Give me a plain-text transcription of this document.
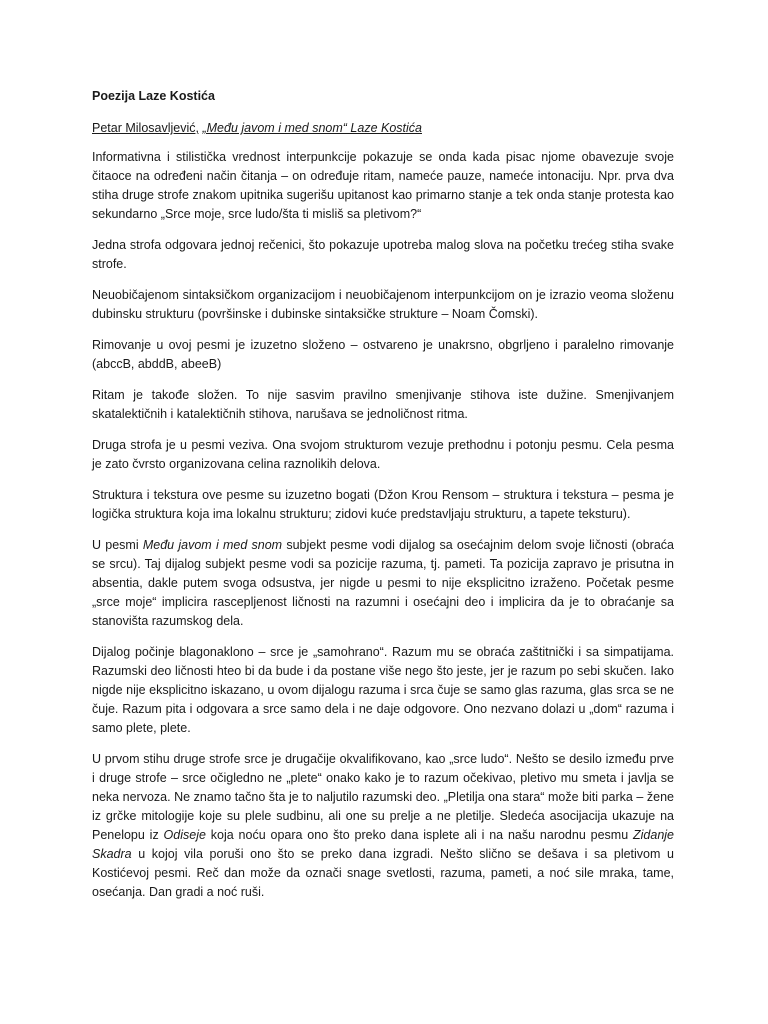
Poezija Laze Kostića
Petar Milosavljević, „Među javom i med snom“ Laze Kostića

Informativna i stilistička vrednost interpunkcije pokazuje se onda kada pisac njome obavezuje svoje čitaoce na određeni način čitanja – on određuje ritam, nameće pauze, nameće intonaciju. Npr. prva dva stiha druge strofe znakom upitnika sugerišu upitanost kao primarno stanje a tek onda stanje protesta kao sekundarno „Srce moje, srce ludo/šta ti misliš sa pletivom?“

Jedna strofa odgovara jednoj rečenici, što pokazuje upotreba malog slova na početku trećeg stiha svake strofe.

Neuobičajenom sintaksičkom organizacijom i neuobičajenom interpunkcijom on je izrazio veoma složenu dubinsku strukturu (površinske i dubinske sintaksičke strukture – Noam Čomski).

Rimovanje u ovoj pesmi je izuzetno složeno – ostvareno je unakrsno, obgrljeno i paralelno rimovanje (abccB, abddB, abeeB)

Ritam je takođe složen. To nije sasvim pravilno smenjivanje stihova iste dužine. Smenjivanjem skatalektičnih i katalektičnih stihova, narušava se jednoličnost ritma.

Druga strofa je u pesmi veziva. Ona svojom strukturom vezuje prethodnu i potonju pesmu. Cela pesma je zato čvrsto organizovana celina raznolikih delova.

Struktura i tekstura ove pesme su izuzetno bogati (Džon Krou Rensom – struktura i tekstura – pesma je logička struktura koja ima lokalnu strukturu; zidovi kuće predstavljaju strukturu, a tapete teksturu).

U pesmi Među javom i med snom subjekt pesme vodi dijalog sa osećajnim delom svoje ličnosti (obraća se srcu). Taj dijalog subjekt pesme vodi sa pozicije razuma, tj. pameti. Ta pozicija zapravo je prisutna in absentia, dakle putem svoga odsustva, jer nigde u pesmi to nije eksplicitno izraženo. Početak pesme „srce moje“ implicira rascepljenost ličnosti na razumni i osećajni deo i implicira da je to obraćanje sa stanovišta razumskog dela.

Dijalog počinje blagonaklono – srce je „samohrano“. Razum mu se obraća zaštitnički i sa simpatijama. Razumski deo ličnosti hteo bi da bude i da postane više nego što jeste, jer je razum po sebi skučen. Iako nigde nije eksplicitno iskazano, u ovom dijalogu razuma i srca čuje se samo glas razuma, glas srca se ne čuje. Razum pita i odgovara a srce samo dela i ne daje odgovore. Ono nezvano dolazi u „dom“ razuma i samo plete, plete.

U prvom stihu druge strofe srce je drugačije okvalifikovano, kao „srce ludo“. Nešto se desilo između prve i druge strofe – srce očigledno ne „plete“ onako kako je to razum očekivao, pletivo mu smeta i javlja se neka nervoza. Ne znamo tačno šta je to naljutilo razumski deo. „Pletilja ona stara“ može biti parka – žene iz grčke mitologije koje su plele sudbinu, ali one su prelje a ne pletilje. Sledeća asocijacija ukazuje na Penelopu iz Odiseje koja noću opara ono što preko dana isplete ali i na našu narodnu pesmu Zidanje Skadra u kojoj vila poruši ono što se preko dana izgradi. Nešto slično se dešava i sa pletivom u Kostićevoj pesmi. Reč dan može da označi snage svetlosti, razuma, pameti, a noć sile mraka, tame, osećanja. Dan gradi a noć ruši.
